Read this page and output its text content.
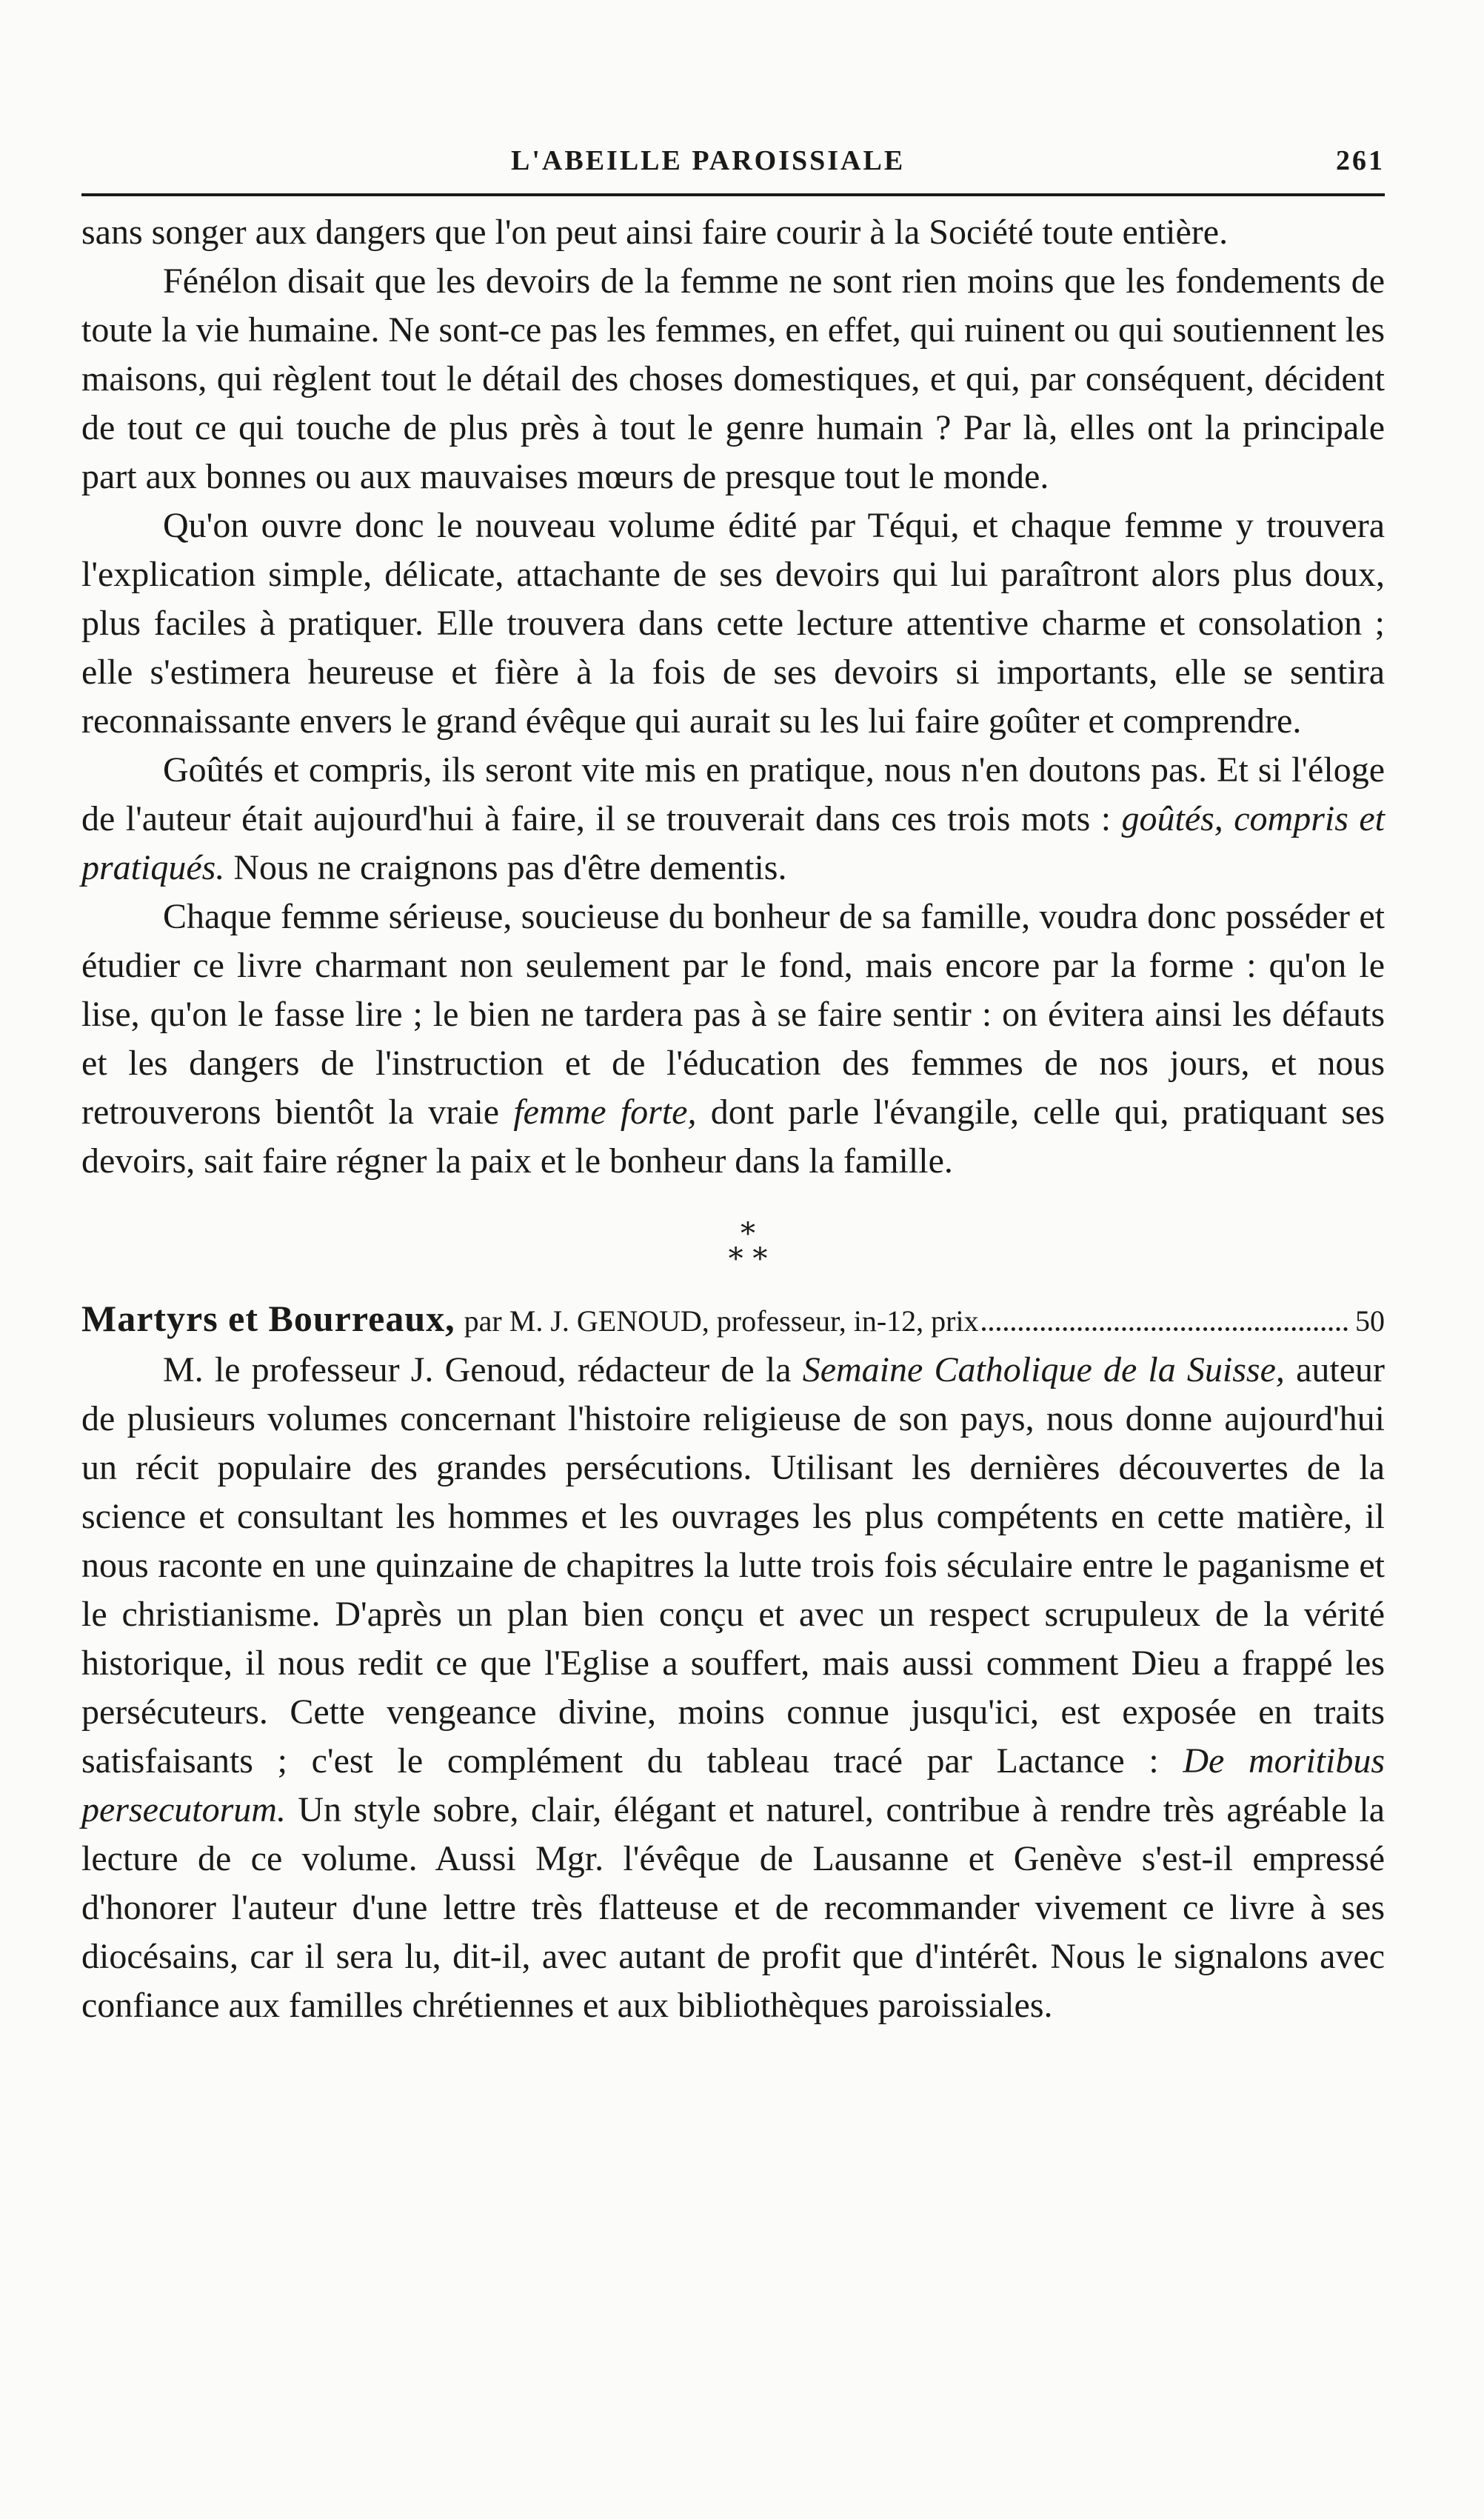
L'ABEILLE PAROISSIALE	261

sans songer aux dangers que l'on peut ainsi faire courir à la Société toute entière.

Fénélon disait que les devoirs de la femme ne sont rien moins que les fondements de toute la vie humaine. Ne sont-ce pas les femmes, en effet, qui ruinent ou qui soutiennent les maisons, qui règlent tout le détail des choses domestiques, et qui, par conséquent, décident de tout ce qui touche de plus près à tout le genre humain ? Par là, elles ont la principale part aux bonnes ou aux mauvaises mœurs de presque tout le monde.

Qu'on ouvre donc le nouveau volume édité par Téqui, et chaque femme y trouvera l'explication simple, délicate, attachante de ses devoirs qui lui paraîtront alors plus doux, plus faciles à pratiquer. Elle trouvera dans cette lecture attentive charme et consolation ; elle s'estimera heureuse et fière à la fois de ses devoirs si importants, elle se sentira reconnaissante envers le grand évêque qui aurait su les lui faire goûter et comprendre.

Goûtés et compris, ils seront vite mis en pratique, nous n'en doutons pas. Et si l'éloge de l'auteur était aujourd'hui à faire, il se trouverait dans ces trois mots : goûtés, compris et pratiqués. Nous ne craignons pas d'être dementis.

Chaque femme sérieuse, soucieuse du bonheur de sa famille, voudra donc posséder et étudier ce livre charmant non seulement par le fond, mais encore par la forme : qu'on le lise, qu'on le fasse lire ; le bien ne tardera pas à se faire sentir : on évitera ainsi les défauts et les dangers de l'instruction et de l'éducation des femmes de nos jours, et nous retrouverons bientôt la vraie femme forte, dont parle l'évangile, celle qui, pratiquant ses devoirs, sait faire régner la paix et le bonheur dans la famille.

*
* *
Martyrs et Bourreaux, par M. J. GENOUD, professeur, in-12, prix	50

M. le professeur J. Genoud, rédacteur de la Semaine Catholique de la Suisse, auteur de plusieurs volumes concernant l'histoire religieuse de son pays, nous donne aujourd'hui un récit populaire des grandes persécutions. Utilisant les dernières découvertes de la science et consultant les hommes et les ouvrages les plus compétents en cette matière, il nous raconte en une quinzaine de chapitres la lutte trois fois séculaire entre le paganisme et le christianisme. D'après un plan bien conçu et avec un respect scrupuleux de la vérité historique, il nous redit ce que l'Eglise a souffert, mais aussi comment Dieu a frappé les persécuteurs. Cette vengeance divine, moins connue jusqu'ici, est exposée en traits satisfaisants ; c'est le complément du tableau tracé par Lactance : De moritibus persecutorum. Un style sobre, clair, élégant et naturel, contribue à rendre très agréable la lecture de ce volume. Aussi Mgr. l'évêque de Lausanne et Genève s'est-il empressé d'honorer l'auteur d'une lettre très flatteuse et de recommander vivement ce livre à ses diocésains, car il sera lu, dit-il, avec autant de profit que d'intérêt. Nous le signalons avec confiance aux familles chrétiennes et aux bibliothèques paroissiales.
